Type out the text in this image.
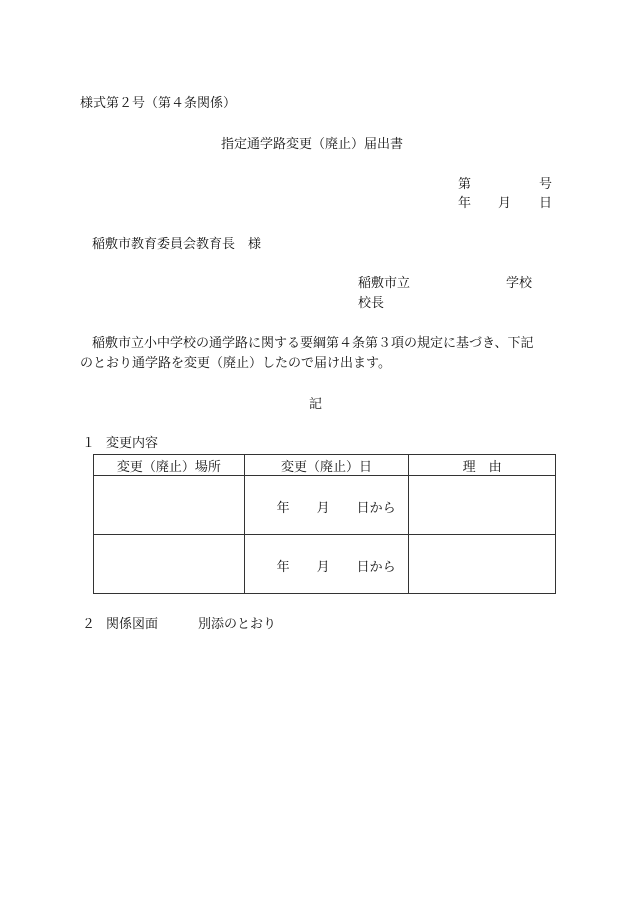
様式第２号（第４条関係）
指定通学路変更（廃止）届出書
第	号
年 月 日
稲敷市教育委員会教育長　様
稲敷市立	学校
校長
稲敷市立小中学校の通学路に関する要綱第４条第３項の規定に基づき、下記
のとおり通学路を変更（廃止）したので届け出ます。
記
１ 変更内容
変更（廃止）場所	変更（廃止）日	理　由

	年 月 日から	

	年 月 日から	

２ 関係図面	別添のとおり
